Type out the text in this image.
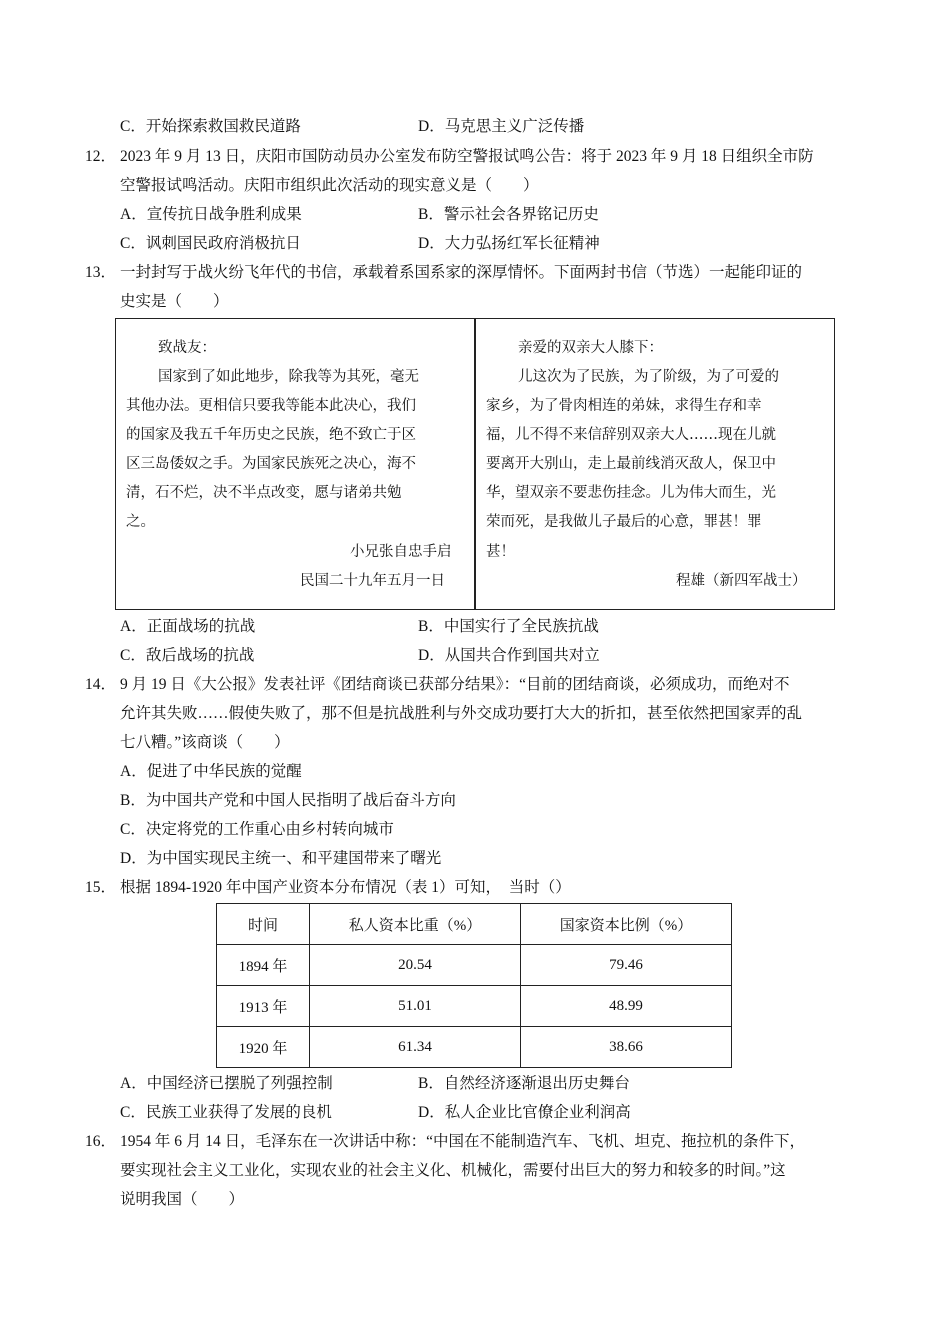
C．开始探索救国救民道路	D．马克思主义广泛传播
12． 2023 年 9 月 13 日，庆阳市国防动员办公室发布防空警报试鸣公告：将于 2023 年 9 月 18 日组织全市防
空警报试鸣活动。庆阳市组织此次活动的现实意义是（　　）
A．宣传抗日战争胜利成果	B．警示社会各界铭记历史
C．讽刺国民政府消极抗日	D．大力弘扬红军长征精神
13． 一封封写于战火纷飞年代的书信，承载着系国系家的深厚情怀。下面两封书信（节选）一起能印证的
史实是（　　）
致战友：
国家到了如此地步，除我等为其死，毫无
其他办法。更相信只要我等能本此决心，我们
的国家及我五千年历史之民族，绝不致亡于区
区三岛倭奴之手。为国家民族死之决心，海不
清，石不烂，决不半点改变，愿与诸弟共勉
之。
小兄张自忠手启
民国二十九年五月一日
亲爱的双亲大人膝下：
儿这次为了民族，为了阶级，为了可爱的
家乡，为了骨肉相连的弟妹，求得生存和幸
福，儿不得不来信辞别双亲大人……现在儿就
要离开大别山，走上最前线消灭敌人，保卫中
华，望双亲不要悲伤挂念。儿为伟大而生，光
荣而死，是我做儿子最后的心意，罪甚！罪
甚！
程雄（新四军战士）
A．正面战场的抗战	B．中国实行了全民族抗战
C．敌后战场的抗战	D．从国共合作到国共对立
14． 9 月 19 日《大公报》发表社评《团结商谈已获部分结果》：“目前的团结商谈，必须成功，而绝对不
允许其失败……假使失败了，那不但是抗战胜利与外交成功要打大大的折扣，甚至依然把国家弄的乱
七八糟。”该商谈（　　）
A．促进了中华民族的觉醒
B．为中国共产党和中国人民指明了战后奋斗方向
C．决定将党的工作重心由乡村转向城市
D．为中国实现民主统一、和平建国带来了曙光
15． 根据 1894-1920 年中国产业资本分布情况（表 1）可知，　当时（）
时间	私人资本比重（%）	国家资本比例（%）
1894 年	20.54	79.46
1913 年	51.01	48.99
1920 年	61.34	38.66
A．中国经济已摆脱了列强控制	B．自然经济逐渐退出历史舞台
C．民族工业获得了发展的良机	D．私人企业比官僚企业利润高
16． 1954 年 6 月 14 日，毛泽东在一次讲话中称：“中国在不能制造汽车、飞机、坦克、拖拉机的条件下，
要实现社会主义工业化，实现农业的社会主义化、机械化，需要付出巨大的努力和较多的时间。”这
说明我国（　　）
